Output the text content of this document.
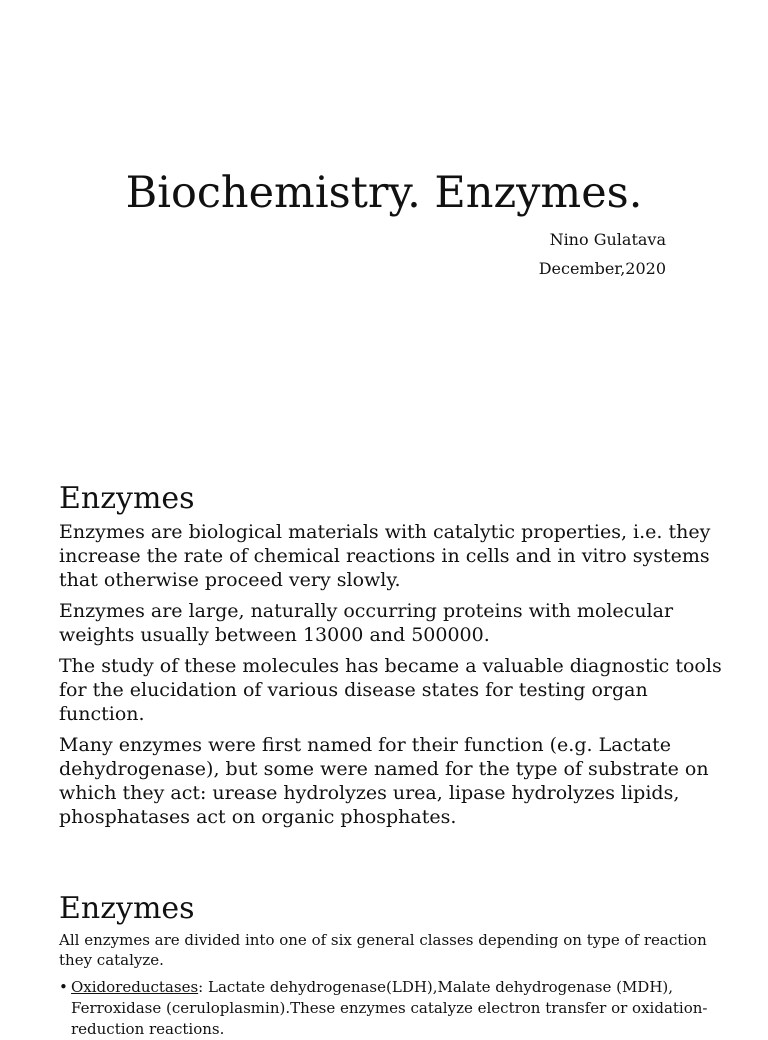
Biochemistry. Enzymes.
Nino Gulatava
December,2020
Enzymes

Enzymes are biological materials with catalytic properties, i.e. they increase the rate of chemical reactions in cells and in vitro systems that otherwise proceed very slowly.

Enzymes are large, naturally occurring proteins with molecular weights usually between 13000 and 500000.

The study of these molecules has became a valuable diagnostic tools for the elucidation of various disease states for testing organ function.

Many enzymes were first named for their function (e.g. Lactate dehydrogenase), but some were named for the type of substrate on which they act: urease hydrolyzes urea, lipase hydrolyzes lipids, phosphatases act on organic phosphates.

Enzymes

All enzymes are divided into one of six general classes depending on type of reaction they catalyze.

• Oxidoreductases: Lactate dehydrogenase(LDH),Malate dehydrogenase (MDH), Ferroxidase (ceruloplasmin).These enzymes catalyze electron transfer or oxidation-reduction reactions.
